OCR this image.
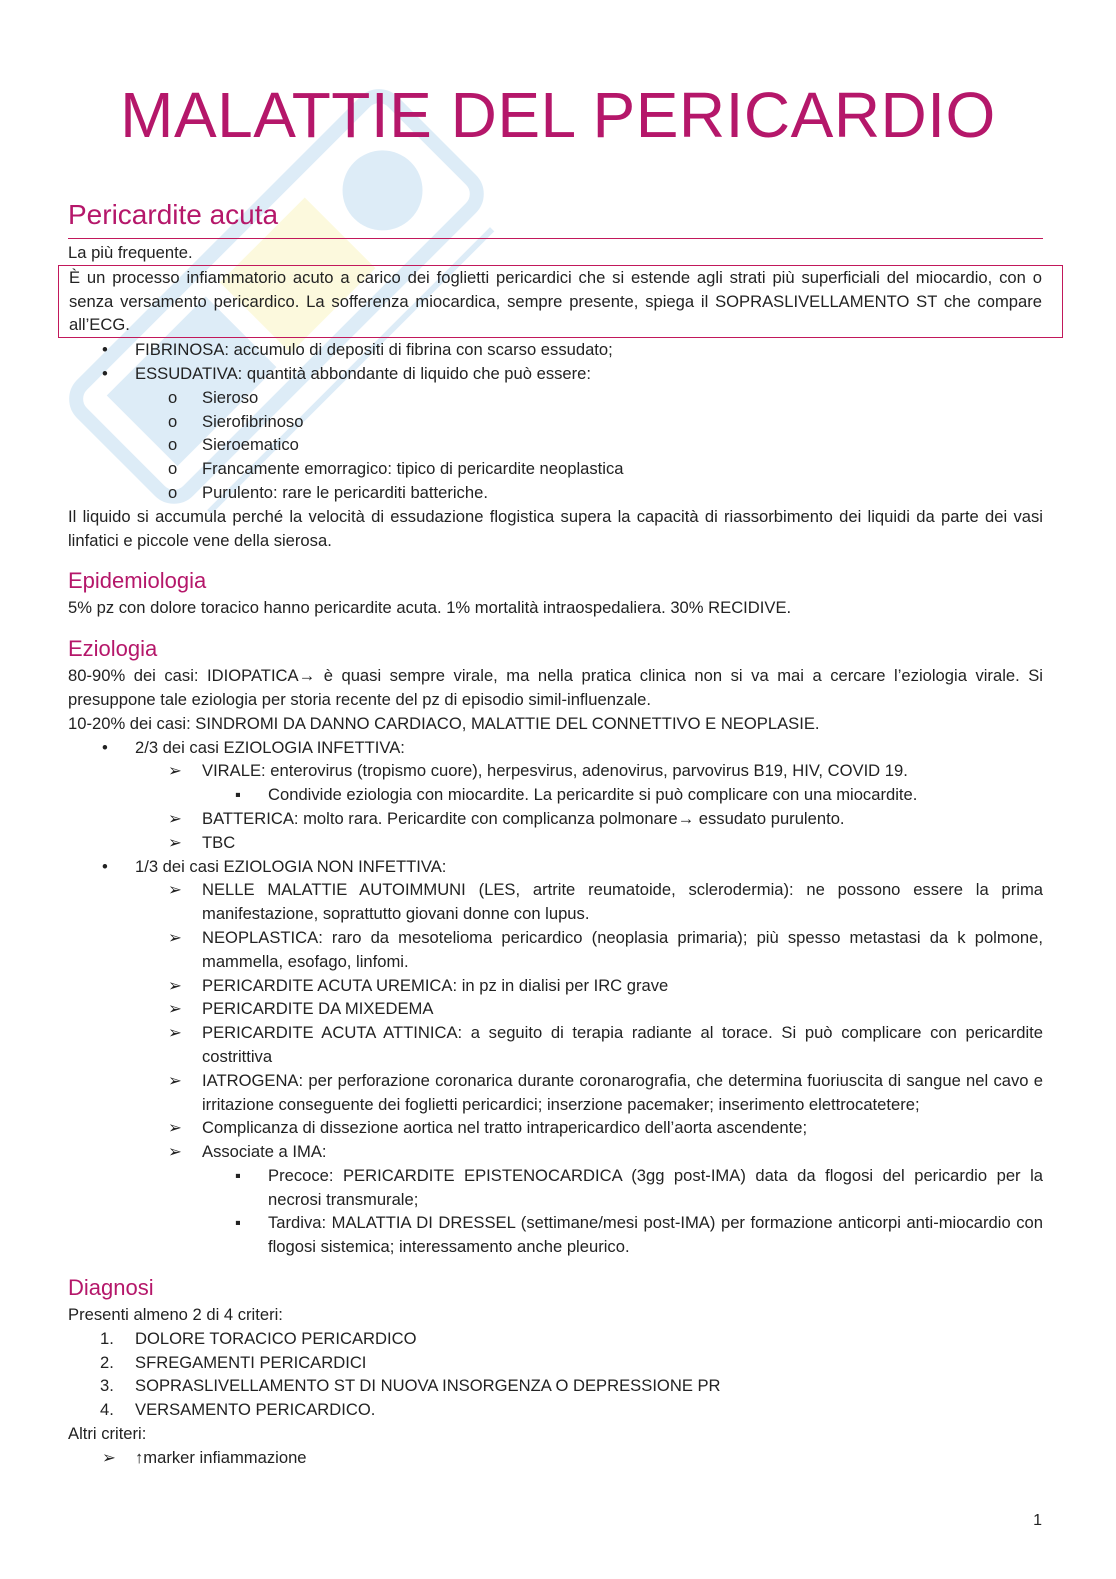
MALATTIE DEL PERICARDIO
Pericardite acuta

La più frequente.

È un processo infiammatorio acuto a carico dei foglietti pericardici che si estende agli strati più superficiali del miocardio, con o senza versamento pericardico. La sofferenza miocardica, sempre presente, spiega il SOPRASLIVELLAMENTO ST che compare all’ECG.

• FIBRINOSA: accumulo di depositi di fibrina con scarso essudato;
• ESSUDATIVA: quantità abbondante di liquido che può essere:
o Sieroso
o Sierofibrinoso
o Sieroematico
o Francamente emorragico: tipico di pericardite neoplastica
o Purulento: rare le pericarditi batteriche.

Il liquido si accumula perché la velocità di essudazione flogistica supera la capacità di riassorbimento dei liquidi da parte dei vasi linfatici e piccole vene della sierosa.

Epidemiologia

5% pz con dolore toracico hanno pericardite acuta. 1% mortalità intraospedaliera. 30% RECIDIVE.

Eziologia

80-90% dei casi: IDIOPATICA→ è quasi sempre virale, ma nella pratica clinica non si va mai a cercare l’eziologia virale. Si presuppone tale eziologia per storia recente del pz di episodio simil-influenzale.

10-20% dei casi: SINDROMI DA DANNO CARDIACO, MALATTIE DEL CONNETTIVO E NEOPLASIE.

• 2/3 dei casi EZIOLOGIA INFETTIVA:
➢ VIRALE: enterovirus (tropismo cuore), herpesvirus, adenovirus, parvovirus B19, HIV, COVID 19.
▪ Condivide eziologia con miocardite. La pericardite si può complicare con una miocardite.
➢ BATTERICA: molto rara. Pericardite con complicanza polmonare→ essudato purulento.
➢ TBC
• 1/3 dei casi EZIOLOGIA NON INFETTIVA:
➢ NELLE MALATTIE AUTOIMMUNI (LES, artrite reumatoide, sclerodermia): ne possono essere la prima manifestazione, soprattutto giovani donne con lupus.
➢ NEOPLASTICA: raro da mesotelioma pericardico (neoplasia primaria); più spesso metastasi da k polmone, mammella, esofago, linfomi.
➢ PERICARDITE ACUTA UREMICA: in pz in dialisi per IRC grave
➢ PERICARDITE DA MIXEDEMA
➢ PERICARDITE ACUTA ATTINICA: a seguito di terapia radiante al torace. Si può complicare con pericardite costrittiva
➢ IATROGENA: per perforazione coronarica durante coronarografia, che determina fuoriuscita di sangue nel cavo e irritazione conseguente dei foglietti pericardici; inserzione pacemaker; inserimento elettrocatetere;
➢ Complicanza di dissezione aortica nel tratto intrapericardico dell’aorta ascendente;
➢ Associate a IMA:
▪ Precoce: PERICARDITE EPISTENOCARDICA (3gg post-IMA) data da flogosi del pericardio per la necrosi transmurale;
▪ Tardiva: MALATTIA DI DRESSEL (settimane/mesi post-IMA) per formazione anticorpi anti-miocardio con flogosi sistemica; interessamento anche pleurico.
Diagnosi

Presenti almeno 2 di 4 criteri:

1. DOLORE TORACICO PERICARDICO
2. SFREGAMENTI PERICARDICI
3. SOPRASLIVELLAMENTO ST DI NUOVA INSORGENZA O DEPRESSIONE PR
4. VERSAMENTO PERICARDICO.

Altri criteri:

➢ ↑marker infiammazione
1
